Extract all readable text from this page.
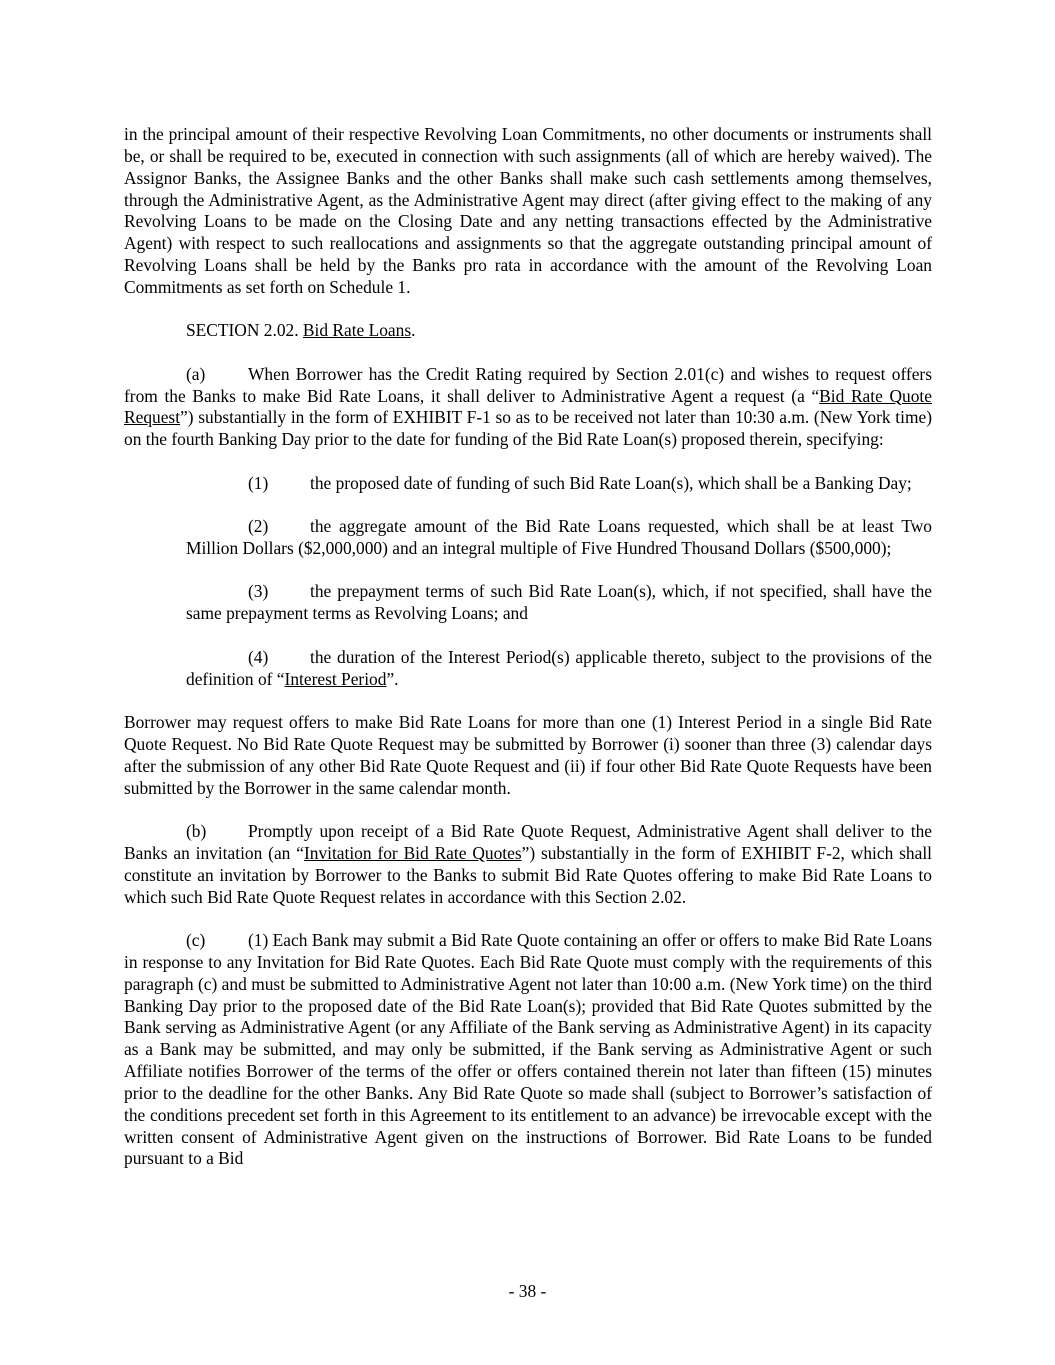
in the principal amount of their respective Revolving Loan Commitments, no other documents or instruments shall be, or shall be required to be, executed in connection with such assignments (all of which are hereby waived). The Assignor Banks, the Assignee Banks and the other Banks shall make such cash settlements among themselves, through the Administrative Agent, as the Administrative Agent may direct (after giving effect to the making of any Revolving Loans to be made on the Closing Date and any netting transactions effected by the Administrative Agent) with respect to such reallocations and assignments so that the aggregate outstanding principal amount of Revolving Loans shall be held by the Banks pro rata in accordance with the amount of the Revolving Loan Commitments as set forth on Schedule 1.

SECTION 2.02. Bid Rate Loans.

(a) When Borrower has the Credit Rating required by Section 2.01(c) and wishes to request offers from the Banks to make Bid Rate Loans, it shall deliver to Administrative Agent a request (a “Bid Rate Quote Request”) substantially in the form of EXHIBIT F-1 so as to be received not later than 10:30 a.m. (New York time) on the fourth Banking Day prior to the date for funding of the Bid Rate Loan(s) proposed therein, specifying:

(1) the proposed date of funding of such Bid Rate Loan(s), which shall be a Banking Day;

(2) the aggregate amount of the Bid Rate Loans requested, which shall be at least Two Million Dollars ($2,000,000) and an integral multiple of Five Hundred Thousand Dollars ($500,000);

(3) the prepayment terms of such Bid Rate Loan(s), which, if not specified, shall have the same prepayment terms as Revolving Loans; and

(4) the duration of the Interest Period(s) applicable thereto, subject to the provisions of the definition of “Interest Period”.

Borrower may request offers to make Bid Rate Loans for more than one (1) Interest Period in a single Bid Rate Quote Request. No Bid Rate Quote Request may be submitted by Borrower (i) sooner than three (3) calendar days after the submission of any other Bid Rate Quote Request and (ii) if four other Bid Rate Quote Requests have been submitted by the Borrower in the same calendar month.

(b) Promptly upon receipt of a Bid Rate Quote Request, Administrative Agent shall deliver to the Banks an invitation (an “Invitation for Bid Rate Quotes”) substantially in the form of EXHIBIT F-2, which shall constitute an invitation by Borrower to the Banks to submit Bid Rate Quotes offering to make Bid Rate Loans to which such Bid Rate Quote Request relates in accordance with this Section 2.02.

(c) (1) Each Bank may submit a Bid Rate Quote containing an offer or offers to make Bid Rate Loans in response to any Invitation for Bid Rate Quotes. Each Bid Rate Quote must comply with the requirements of this paragraph (c) and must be submitted to Administrative Agent not later than 10:00 a.m. (New York time) on the third Banking Day prior to the proposed date of the Bid Rate Loan(s); provided that Bid Rate Quotes submitted by the Bank serving as Administrative Agent (or any Affiliate of the Bank serving as Administrative Agent) in its capacity as a Bank may be submitted, and may only be submitted, if the Bank serving as Administrative Agent or such Affiliate notifies Borrower of the terms of the offer or offers contained therein not later than fifteen (15) minutes prior to the deadline for the other Banks. Any Bid Rate Quote so made shall (subject to Borrower’s satisfaction of the conditions precedent set forth in this Agreement to its entitlement to an advance) be irrevocable except with the written consent of Administrative Agent given on the instructions of Borrower. Bid Rate Loans to be funded pursuant to a Bid

- 38 -
